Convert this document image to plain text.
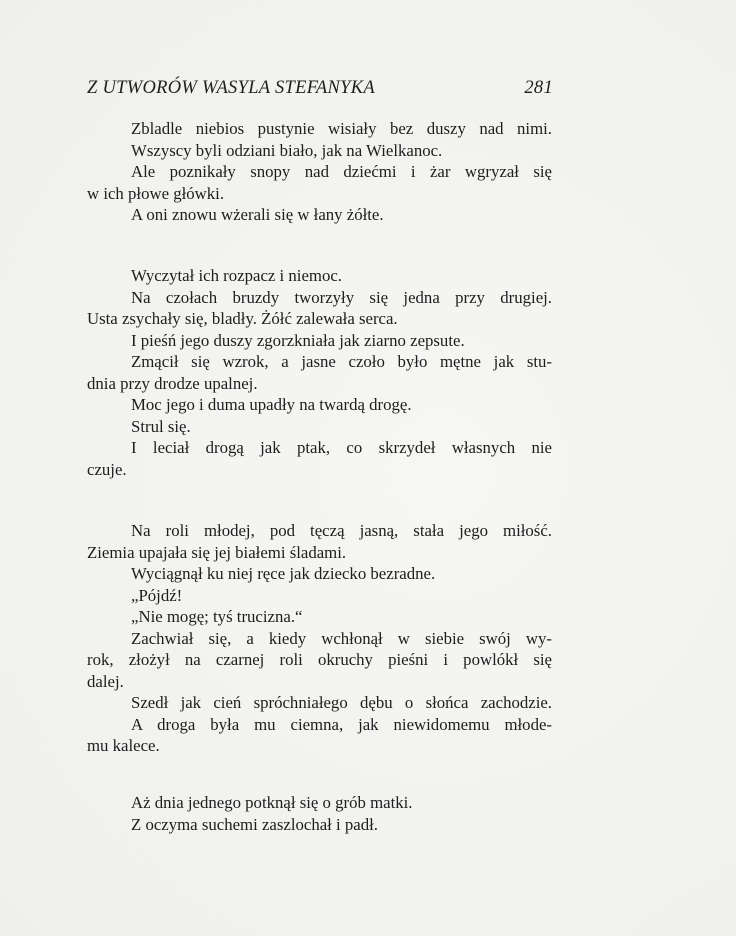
Z UTWORÓW WASYLA STEFANYKA	281
Zbladle niebios pustynie wisiały bez duszy nad nimi.
Wszyscy byli odziani biało, jak na Wielkanoc.
Ale poznikały snopy nad dziećmi i żar wgryzał się
w ich płowe główki.
A oni znowu wżerali się w łany żółte.
Wyczytał ich rozpacz i niemoc.
Na czołach bruzdy tworzyły się jedna przy drugiej.
Usta zsychały się, bladły. Żółć zalewała serca.
I pieśń jego duszy zgorzkniała jak ziarno zepsute.
Zmącił się wzrok, a jasne czoło było mętne jak stu-
dnia przy drodze upalnej.
Moc jego i duma upadły na twardą drogę.
Strul się.
I leciał drogą jak ptak, co skrzydeł własnych nie
czuje.
Na roli młodej, pod tęczą jasną, stała jego miłość.
Ziemia upajała się jej białemi śladami.
Wyciągnął ku niej ręce jak dziecko bezradne.
„Pójdź!
„Nie mogę; tyś trucizna.“
Zachwiał się, a kiedy wchłonął w siebie swój wy-
rok, złożył na czarnej roli okruchy pieśni i powlókł się
dalej.
Szedł jak cień spróchniałego dębu o słońca zachodzie.
A droga była mu ciemna, jak niewidomemu młode-
mu kalece.
Aż dnia jednego potknął się o grób matki.
Z oczyma suchemi zaszlochał i padł.
